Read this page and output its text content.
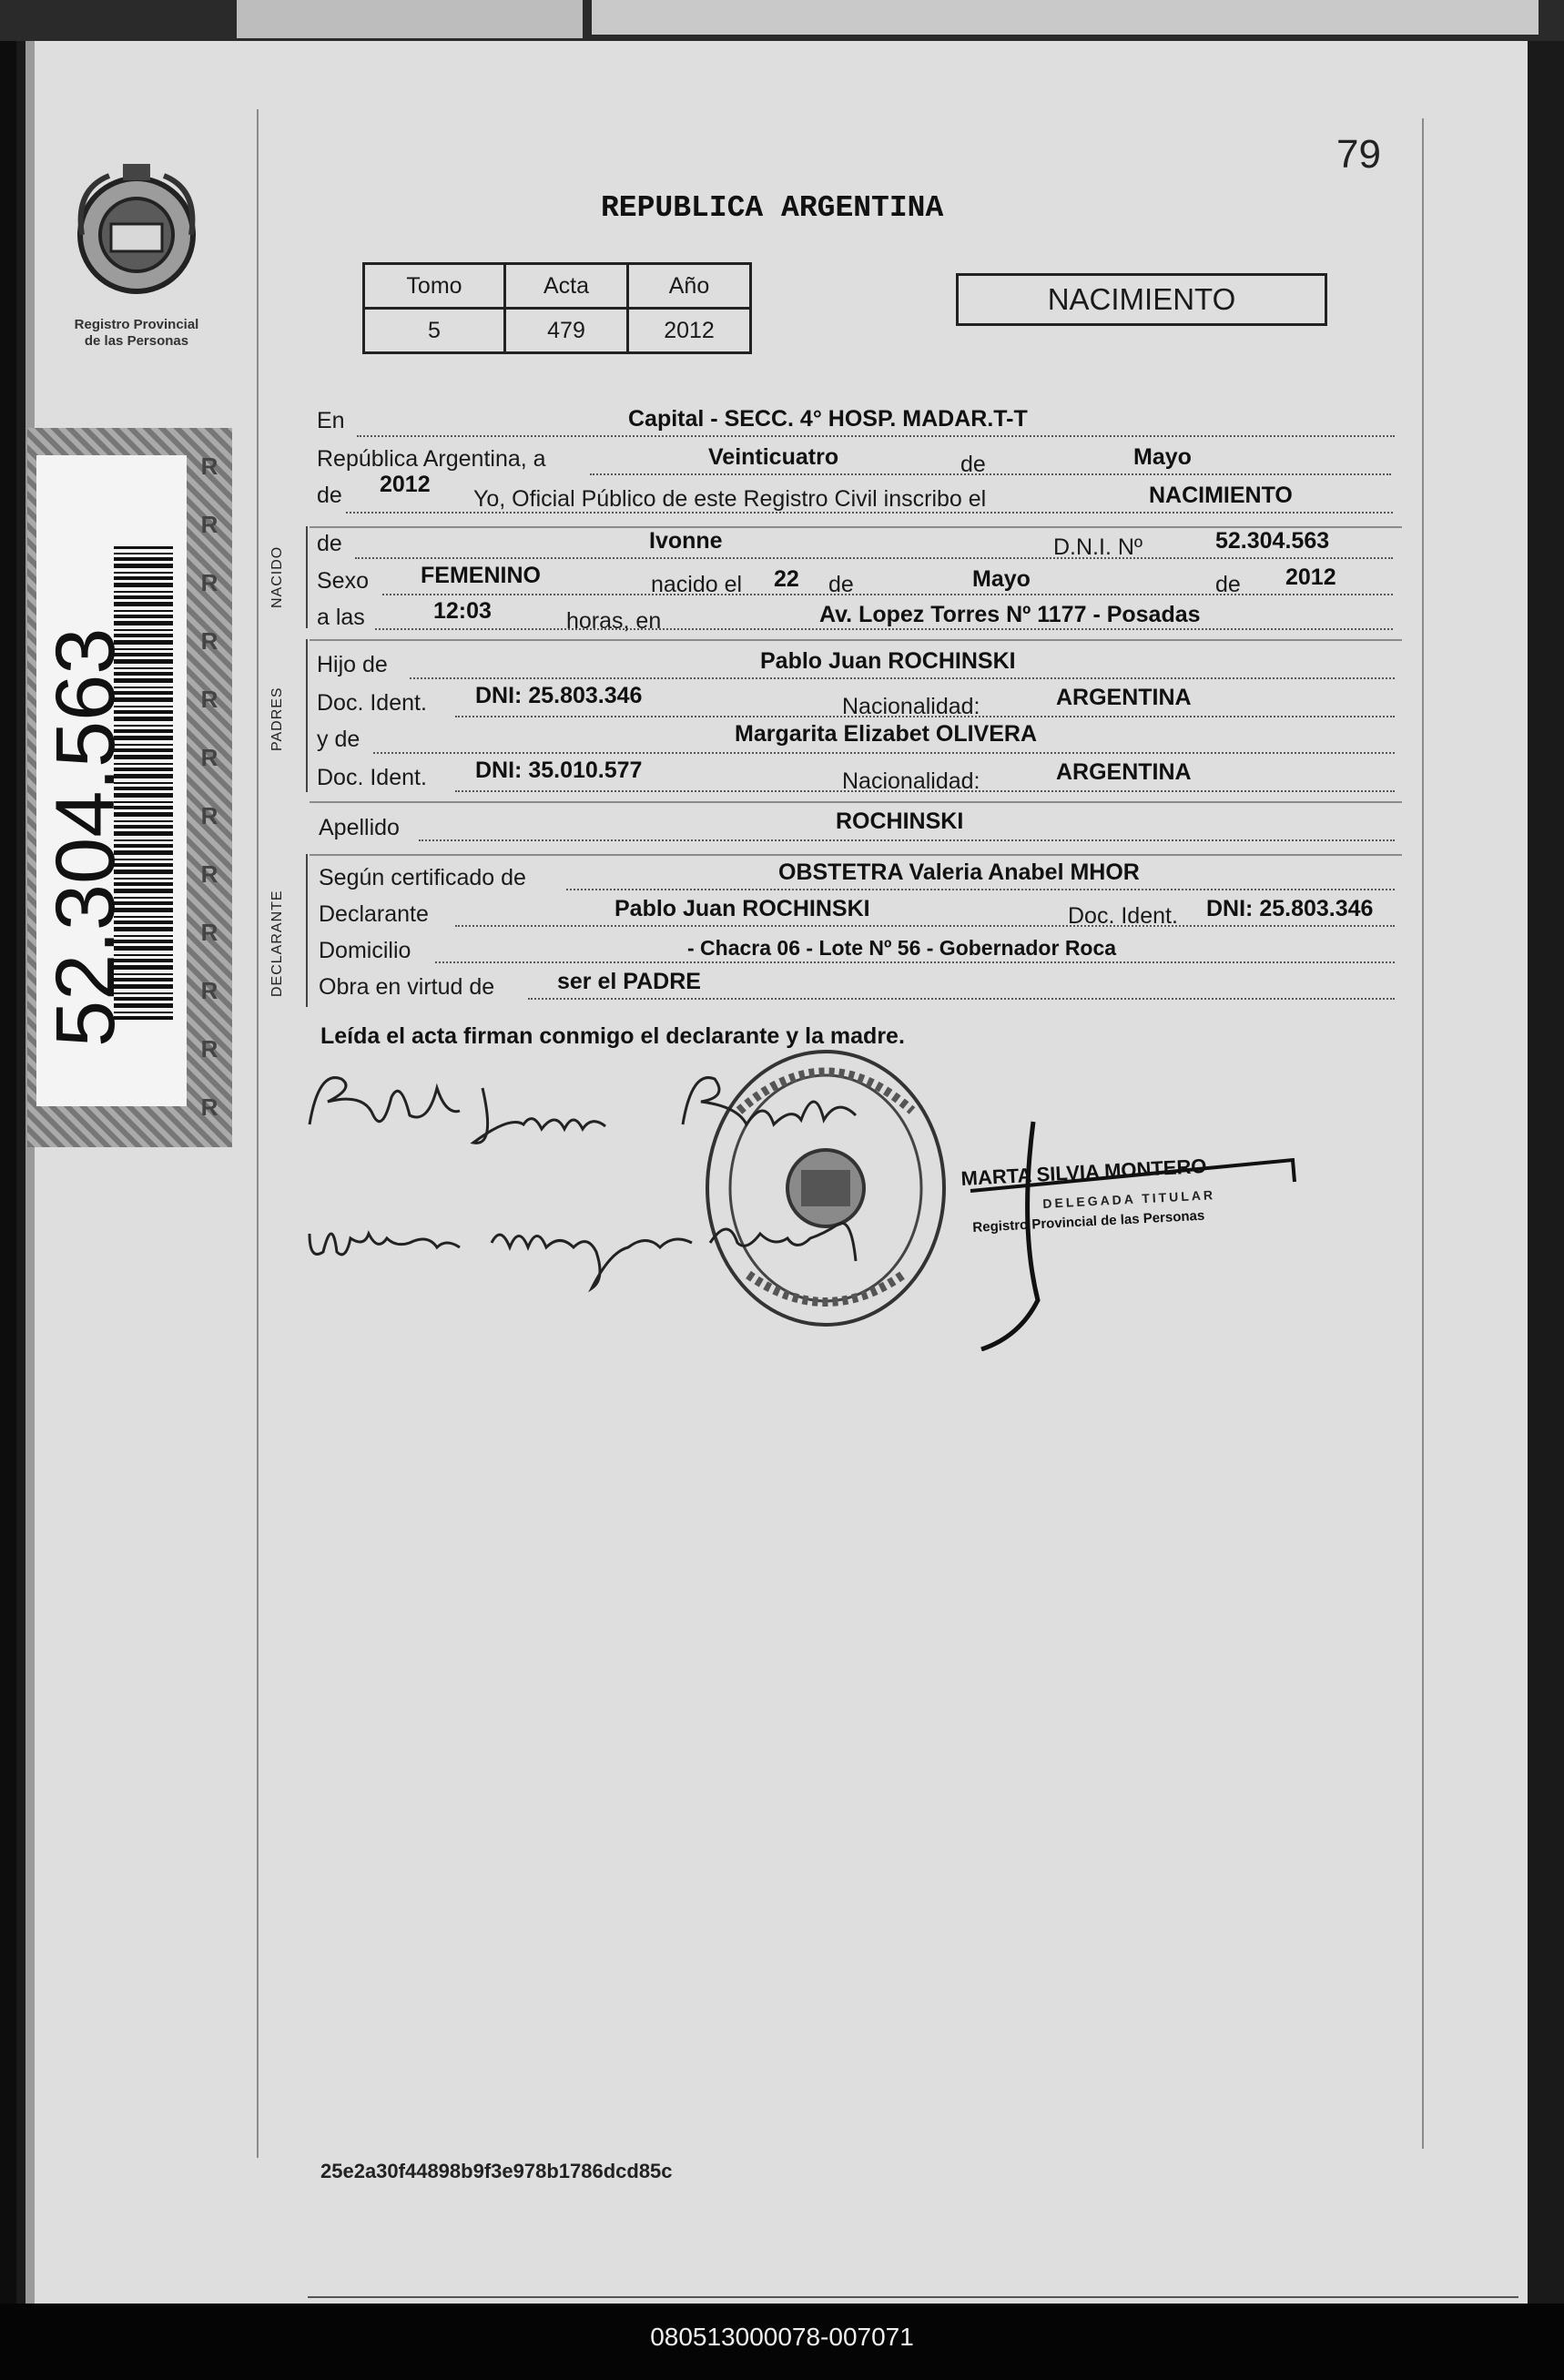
Registro Provincial
de las Personas
52.304.563
R
R
R
R
R
R
R
R
R
R
R
R
79
REPUBLICA ARGENTINA
Tomo	Acta	Año
5	479	2012
NACIMIENTO
En	Capital - SECC. 4° HOSP. MADAR.T-T
República Argentina, a	Veinticuatro	de	Mayo
de 2012
Yo, Oficial Público de este Registro Civil inscribo el	NACIMIENTO
NACIDO
de	Ivonne	D.N.I. Nº	52.304.563
Sexo FEMENINO	nacido el 22 de	Mayo	de 2012
a las	12:03	horas, en	Av. Lopez Torres Nº 1177 - Posadas
PADRES
Hijo de	Pablo Juan ROCHINSKI
Doc. Ident. DNI: 25.803.346	Nacionalidad:	ARGENTINA
y de	Margarita Elizabet OLIVERA
Doc. Ident. DNI: 35.010.577	Nacionalidad:	ARGENTINA
Apellido	ROCHINSKI
DECLARANTE
Según certificado de	OBSTETRA Valeria Anabel MHOR
Declarante	Pablo Juan ROCHINSKI	Doc. Ident. DNI: 25.803.346
Domicilio	- Chacra 06 - Lote Nº 56 - Gobernador Roca
Obra en virtud de	ser el PADRE
Leída el acta firman conmigo el declarante y la madre.
MARTA SILVIA MONTERO
DELEGADA TITULAR
Registro Provincial de las Personas
25e2a30f44898b9f3e978b1786dcd85c
080513000078-007071
